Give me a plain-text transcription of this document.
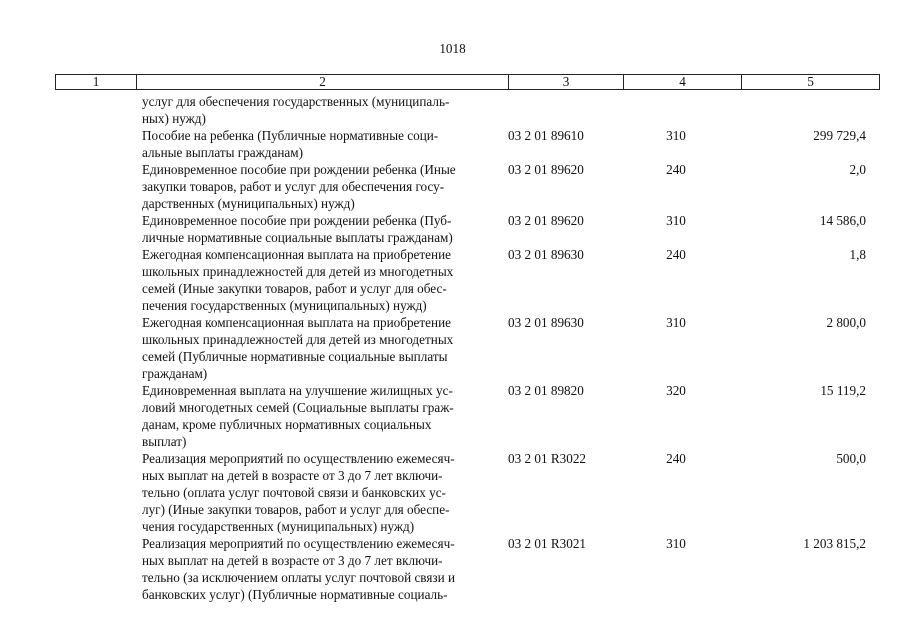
1018
1	2	3	4	5
услуг для обеспечения государственных (муниципаль-
ных) нужд)
Пособие на ребенка (Публичные нормативные соци-
альные выплаты гражданам)
03 2 01 89610	310	299 729,4
Единовременное пособие при рождении ребенка (Иные
закупки товаров, работ и услуг для обеспечения госу-
дарственных (муниципальных) нужд)
03 2 01 89620	240	2,0
Единовременное пособие при рождении ребенка (Пуб-
личные нормативные социальные выплаты гражданам)
03 2 01 89620	310	14 586,0
Ежегодная компенсационная выплата на приобретение
школьных принадлежностей для детей из многодетных
семей (Иные закупки товаров, работ и услуг для обес-
печения государственных (муниципальных) нужд)
03 2 01 89630	240	1,8
Ежегодная компенсационная выплата на приобретение
школьных принадлежностей для детей из многодетных
семей (Публичные нормативные социальные выплаты
гражданам)
03 2 01 89630	310	2 800,0
Единовременная выплата на улучшение жилищных ус-
ловий многодетных семей (Социальные выплаты граж-
данам, кроме публичных нормативных социальных
выплат)
03 2 01 89820	320	15 119,2
Реализация мероприятий по осуществлению ежемесяч-
ных выплат на детей в возрасте от 3 до 7 лет включи-
тельно (оплата услуг почтовой связи и банковских ус-
луг) (Иные закупки товаров, работ и услуг для обеспе-
чения государственных (муниципальных) нужд)
03 2 01 R3022	240	500,0
Реализация мероприятий по осуществлению ежемесяч-
ных выплат на детей в возрасте от 3 до 7 лет включи-
тельно (за исключением оплаты услуг почтовой связи и
банковских услуг) (Публичные нормативные социаль-
03 2 01 R3021	310	1 203 815,2
